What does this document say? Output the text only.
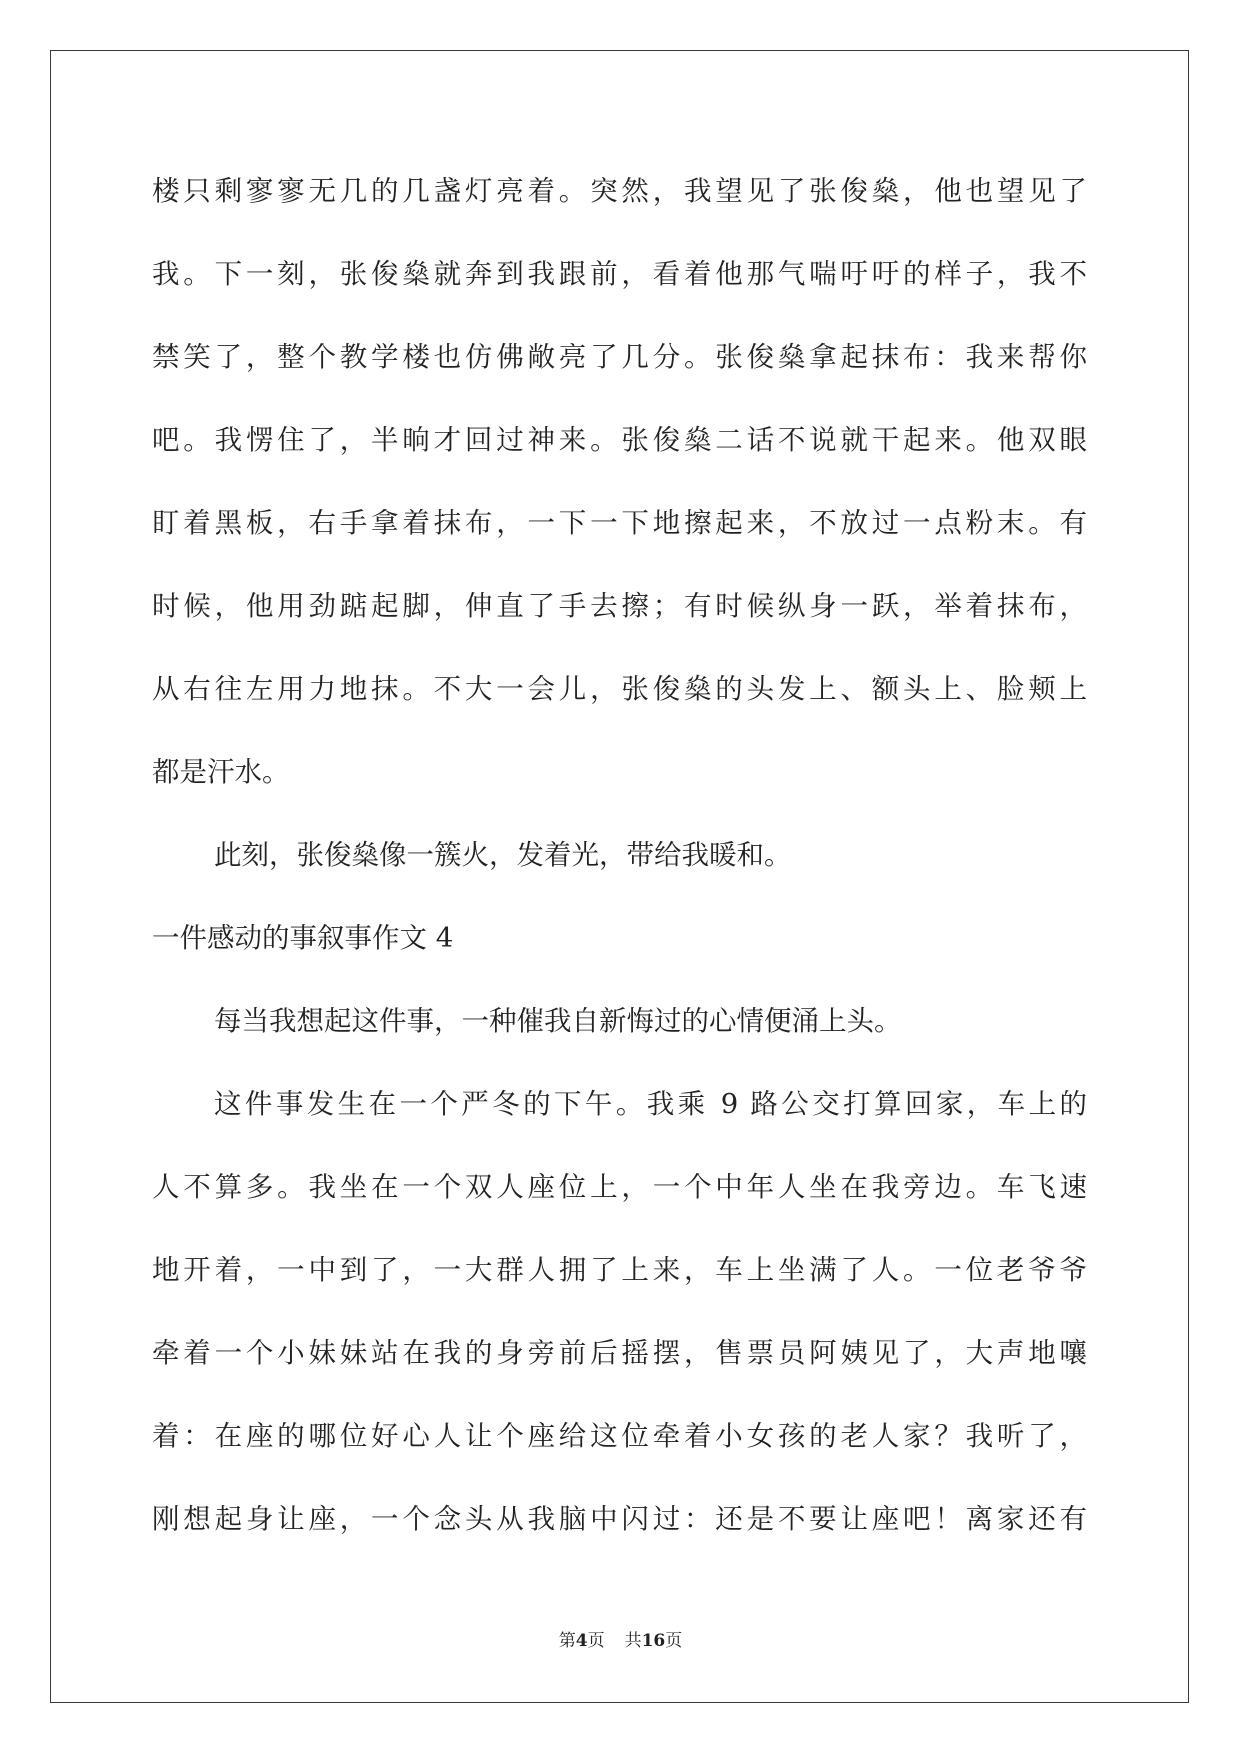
楼只剩寥寥无几的几盏灯亮着。突然，我望见了张俊燊，他也望见了

我。下一刻，张俊燊就奔到我跟前，看着他那气喘吁吁的样子，我不

禁笑了，整个教学楼也仿佛敞亮了几分。张俊燊拿起抹布：我来帮你

吧。我愣住了，半晌才回过神来。张俊燊二话不说就干起来。他双眼

盯着黑板，右手拿着抹布，一下一下地擦起来，不放过一点粉末。有

时候，他用劲踮起脚，伸直了手去擦；有时候纵身一跃，举着抹布，

从右往左用力地抹。不大一会儿，张俊燊的头发上、额头上、脸颊上

都是汗水。

此刻，张俊燊像一簇火，发着光，带给我暖和。

一件感动的事叙事作文 4

每当我想起这件事，一种催我自新悔过的心情便涌上头。

这件事发生在一个严冬的下午。我乘 9 路公交打算回家，车上的

人不算多。我坐在一个双人座位上，一个中年人坐在我旁边。车飞速

地开着，一中到了，一大群人拥了上来，车上坐满了人。一位老爷爷

牵着一个小妹妹站在我的身旁前后摇摆，售票员阿姨见了，大声地嚷

着：在座的哪位好心人让个座给这位牵着小女孩的老人家？我听了，

刚想起身让座，一个念头从我脑中闪过：还是不要让座吧！离家还有

第4页 共16页
